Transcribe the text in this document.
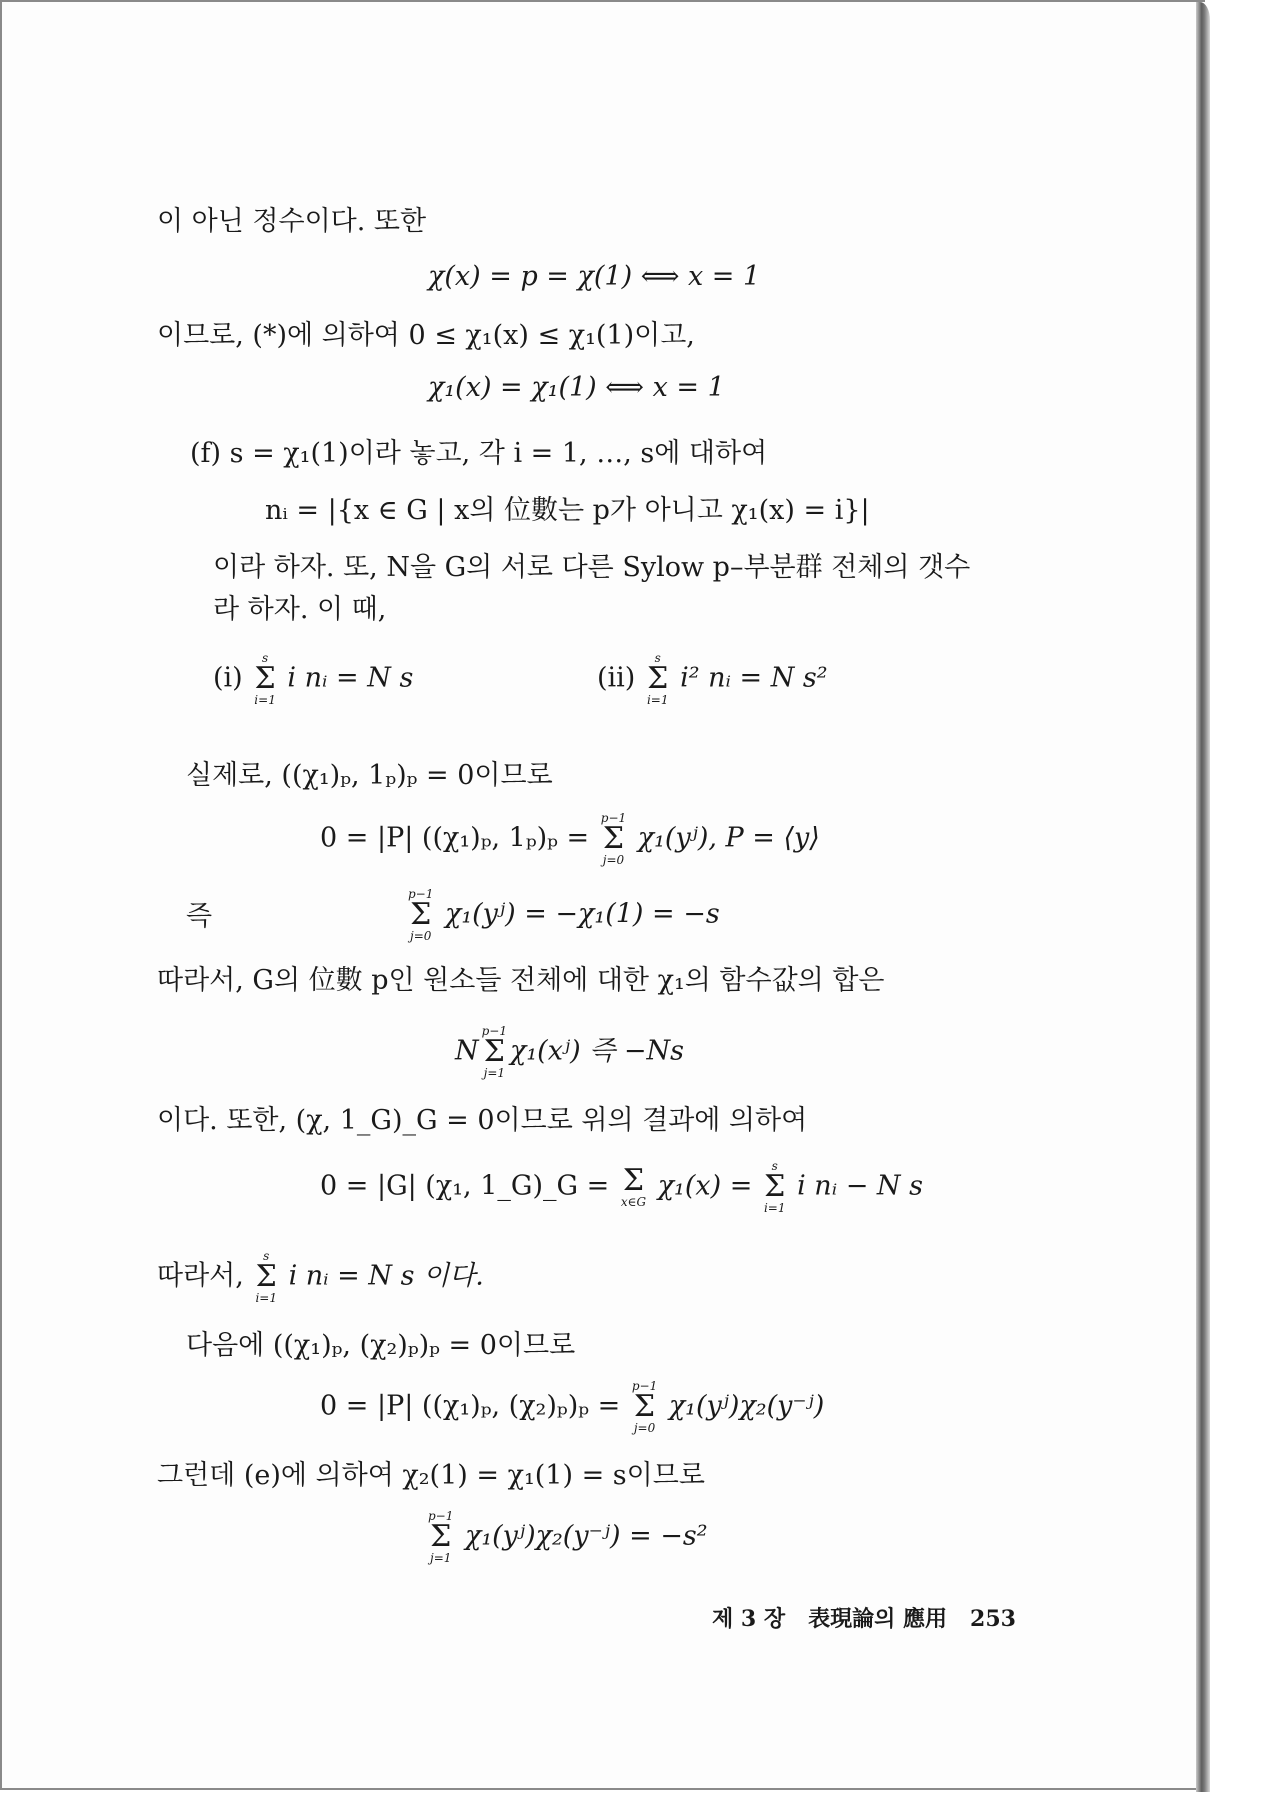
이 아닌 정수이다. 또한
χ(x) = p = χ(1) ⟺ x = 1
이므로, (*)에 의하여 0 ≤ χ₁(x) ≤ χ₁(1)이고,
χ₁(x) = χ₁(1) ⟺ x = 1
(f) s = χ₁(1)이라 놓고, 각 i = 1, …, s에 대하여
nᵢ = |{x ∈ G | x의 位數는 p가 아니고 χ₁(x) = i}|
이라 하자. 또, N을 G의 서로 다른 Sylow p–부분群 전체의 갯수
라 하자. 이 때,
(i)
s
Σ
i=1
i nᵢ = N s	(ii)
s
Σ
i=1
i² nᵢ = N s²
실제로, ((χ₁)ₚ, 1ₚ)ₚ = 0이므로
0 = |P| ((χ₁)ₚ, 1ₚ)ₚ =
p−1
Σ
j=0
χ₁(yʲ), P = ⟨y⟩
즉
p−1
Σ
j=0
χ₁(yʲ) = −χ₁(1) = −s
따라서, G의 位數 p인 원소들 전체에 대한 χ₁의 함수값의 합은
N
p−1
Σ
j=1
χ₁(xʲ) 즉 −Ns
이다. 또한, (χ, 1_G)_G = 0이므로 위의 결과에 의하여
0 = |G| (χ₁, 1_G)_G = Σ
x∈G
χ₁(x) =
s
Σ
i=1
i nᵢ − N s
따라서,
s
Σ
i=1
i nᵢ = N s 이다.
다음에 ((χ₁)ₚ, (χ₂)ₚ)ₚ = 0이므로
0 = |P| ((χ₁)ₚ, (χ₂)ₚ)ₚ =
p−1
Σ
j=0
χ₁(yʲ)χ₂(y⁻ʲ)
그런데 (e)에 의하여 χ₂(1) = χ₁(1) = s이므로
p−1
Σ
j=1
χ₁(yʲ)χ₂(y⁻ʲ) = −s²
제 3 장 表現論의 應用 253
